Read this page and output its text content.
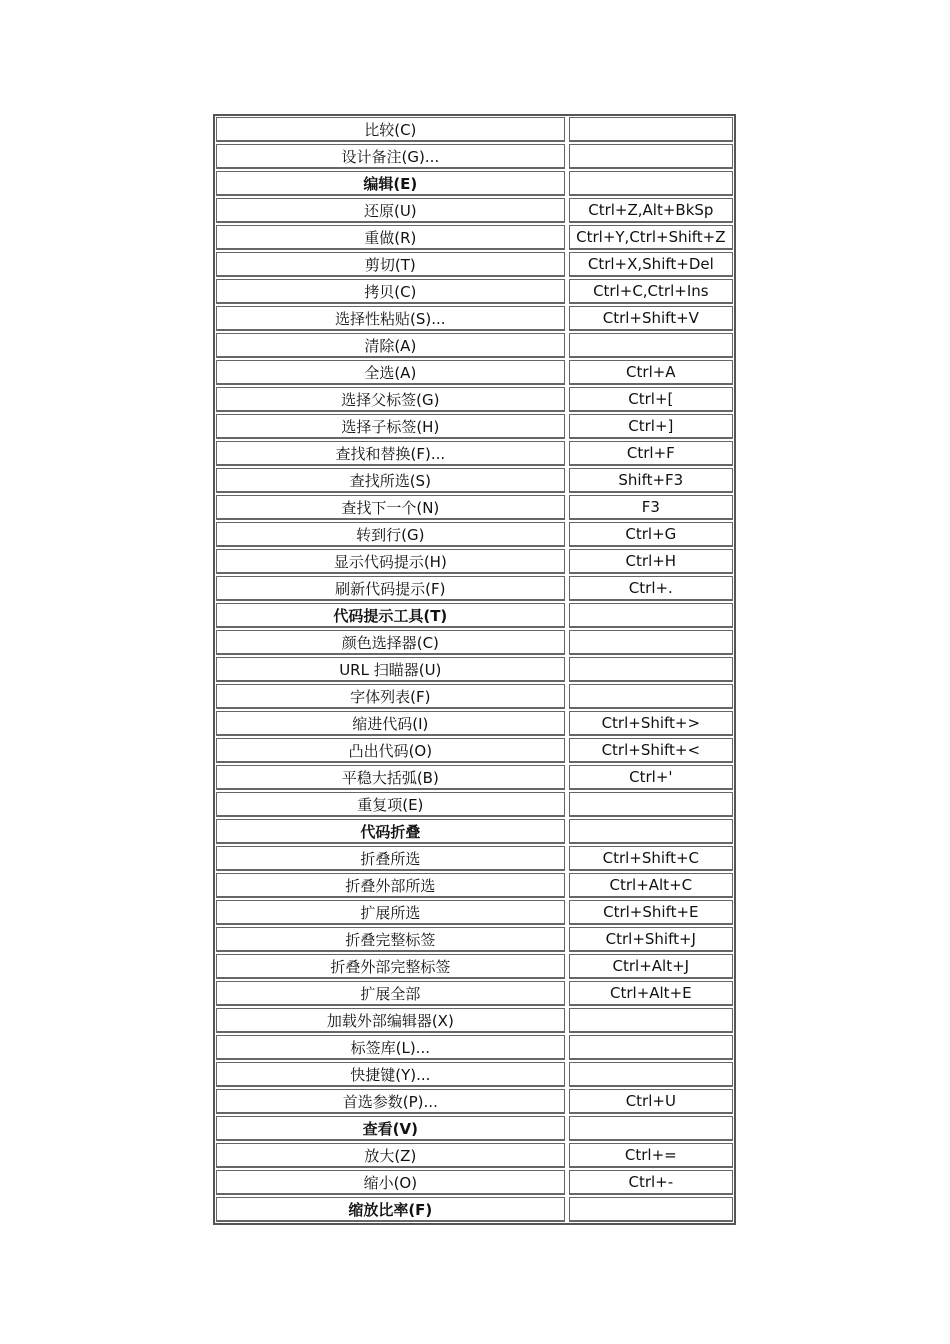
比较(C)
设计备注(G)...
编辑(E)
还原(U)	Ctrl+Z,Alt+BkSp
重做(R)	Ctrl+Y,Ctrl+Shift+Z
剪切(T)	Ctrl+X,Shift+Del
拷贝(C)	Ctrl+C,Ctrl+Ins
选择性粘贴(S)...	Ctrl+Shift+V
清除(A)
全选(A)	Ctrl+A
选择父标签(G)	Ctrl+[
选择子标签(H)	Ctrl+]
查找和替换(F)...	Ctrl+F
查找所选(S)	Shift+F3
查找下一个(N)	F3
转到行(G)	Ctrl+G
显示代码提示(H)	Ctrl+H
刷新代码提示(F)	Ctrl+.
代码提示工具(T)
颜色选择器(C)
URL 扫瞄器(U)
字体列表(F)
缩进代码(I)	Ctrl+Shift+>
凸出代码(O)	Ctrl+Shift+<
平稳大括弧(B)	Ctrl+'
重复项(E)
代码折叠
折叠所选	Ctrl+Shift+C
折叠外部所选	Ctrl+Alt+C
扩展所选	Ctrl+Shift+E
折叠完整标签	Ctrl+Shift+J
折叠外部完整标签	Ctrl+Alt+J
扩展全部	Ctrl+Alt+E
加载外部编辑器(X)
标签库(L)...
快捷键(Y)...
首选参数(P)...	Ctrl+U
查看(V)
放大(Z)	Ctrl+=
缩小(O)	Ctrl+-
缩放比率(F)
